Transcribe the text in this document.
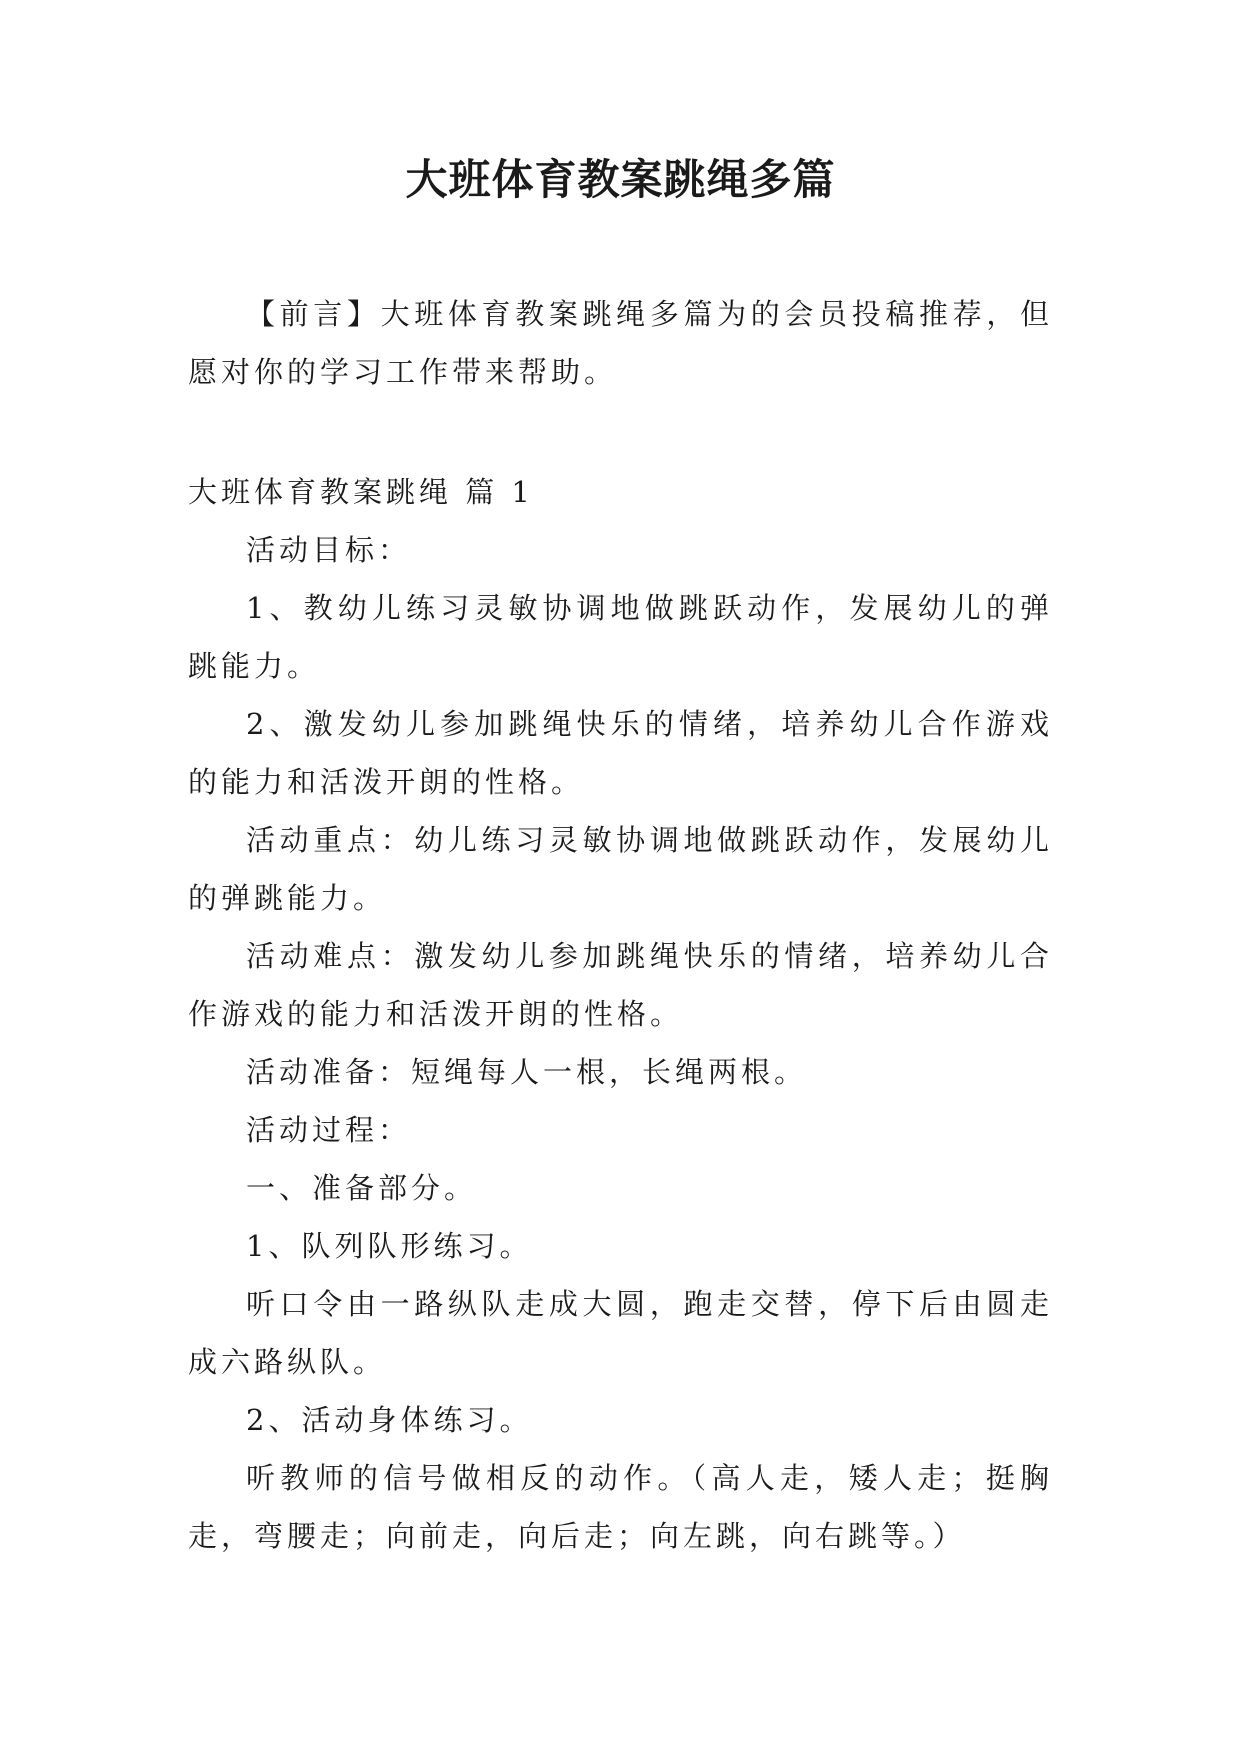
大班体育教案跳绳多篇

【前言】大班体育教案跳绳多篇为的会员投稿推荐，但愿对你的学习工作带来帮助。

大班体育教案跳绳 篇 1

活动目标：

1、教幼儿练习灵敏协调地做跳跃动作，发展幼儿的弹跳能力。

2、激发幼儿参加跳绳快乐的情绪，培养幼儿合作游戏的能力和活泼开朗的性格。

活动重点：幼儿练习灵敏协调地做跳跃动作，发展幼儿的弹跳能力。

活动难点：激发幼儿参加跳绳快乐的情绪，培养幼儿合作游戏的能力和活泼开朗的性格。

活动准备：短绳每人一根，长绳两根。

活动过程：

一、准备部分。

1、队列队形练习。

听口令由一路纵队走成大圆，跑走交替，停下后由圆走成六路纵队。

2、活动身体练习。

听教师的信号做相反的动作。（高人走，矮人走；挺胸走，弯腰走；向前走，向后走；向左跳，向右跳等。）
